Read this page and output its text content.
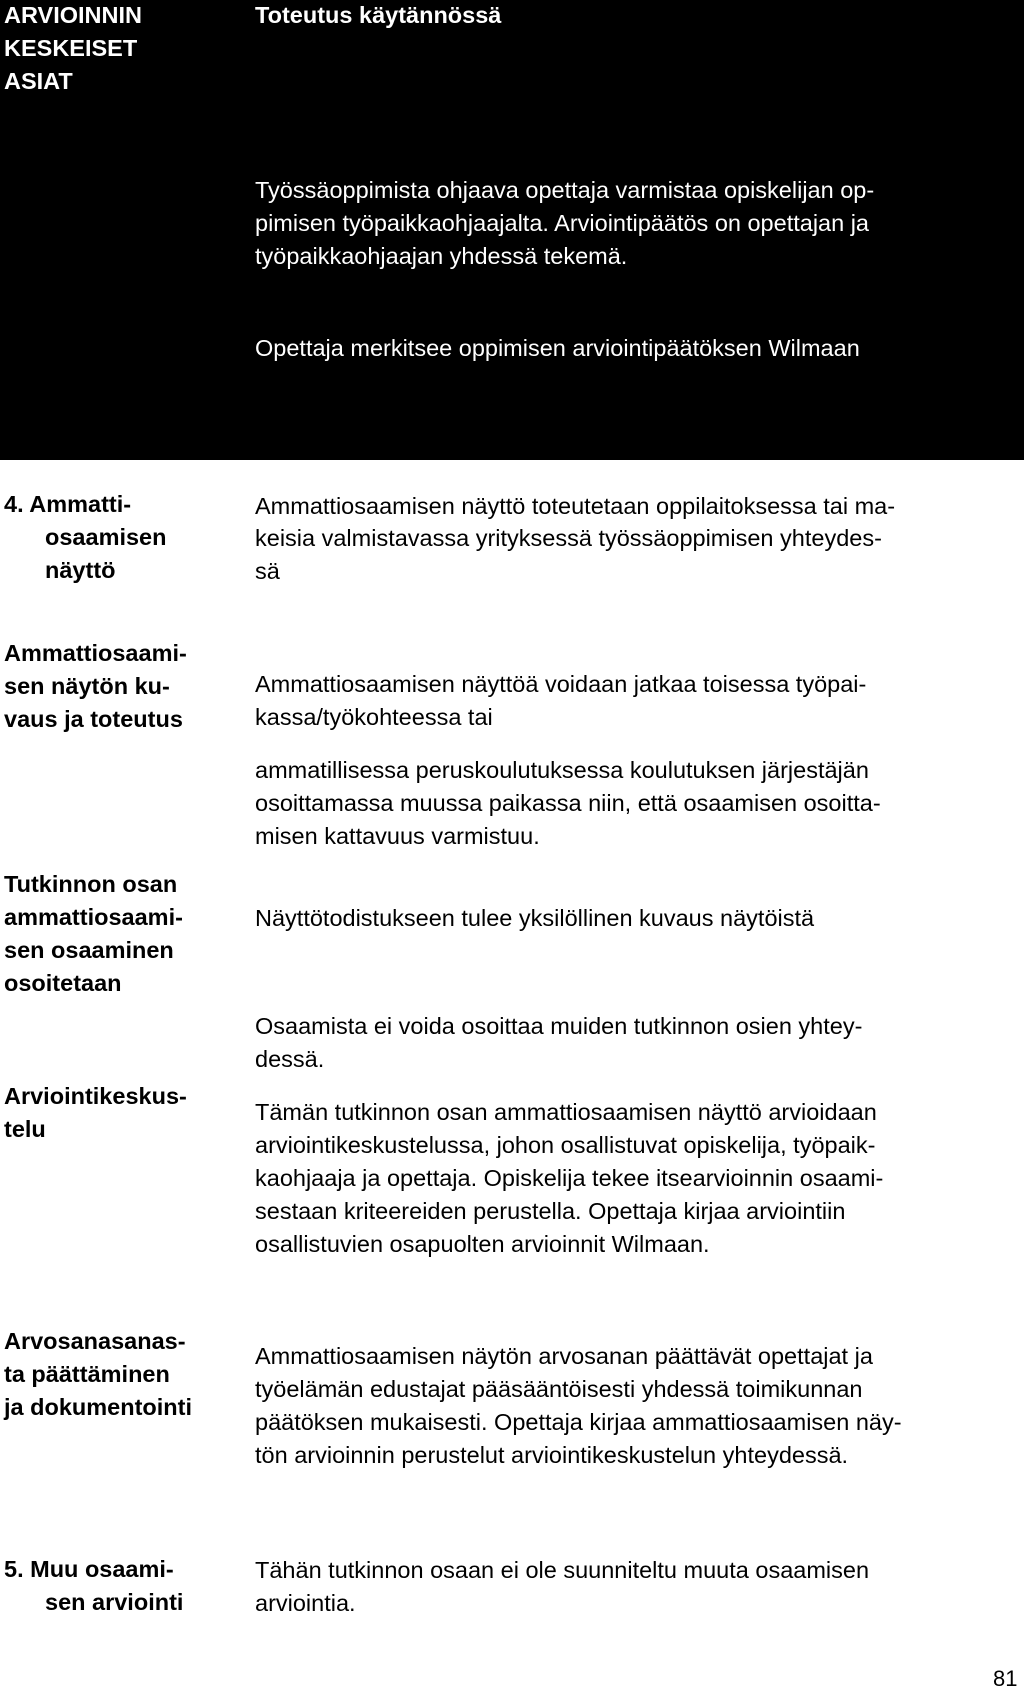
ARVIOINNIN
KESKEISET
ASIAT
Toteutus käytännössä
Työssäoppimista ohjaava opettaja varmistaa opiskelijan op-
pimisen työpaikkaohjaajalta. Arviointipäätös on opettajan ja
työpaikkaohjaajan yhdessä tekemä.
Opettaja merkitsee oppimisen arviointipäätöksen Wilmaan
4. Ammatti-
osaamisen
näyttö
Ammattiosaamisen näyttö toteutetaan oppilaitoksessa tai ma-
keisia valmistavassa yrityksessä työssäoppimisen yhteydes-
sä
Ammattiosaami-
sen näytön ku-
vaus ja toteutus
Ammattiosaamisen näyttöä voidaan jatkaa toisessa työpai-
kassa/työkohteessa tai
ammatillisessa peruskoulutuksessa koulutuksen järjestäjän
osoittamassa muussa paikassa niin, että osaamisen osoitta-
misen kattavuus varmistuu.
Tutkinnon osan
ammattiosaami-
sen osaaminen
osoitetaan
Näyttötodistukseen tulee yksilöllinen kuvaus näytöistä
Osaamista ei voida osoittaa muiden tutkinnon osien yhtey-
dessä.
Arviointikeskus-
telu
Tämän tutkinnon osan ammattiosaamisen näyttö arvioidaan
arviointikeskustelussa, johon osallistuvat opiskelija, työpaik-
kaohjaaja ja opettaja. Opiskelija tekee itsearvioinnin osaami-
sestaan kriteereiden perustella. Opettaja kirjaa arviointiin
osallistuvien osapuolten arvioinnit Wilmaan.
Arvosanasanas-
ta päättäminen
ja dokumentointi
Ammattiosaamisen näytön arvosanan päättävät opettajat ja
työelämän edustajat pääsääntöisesti yhdessä toimikunnan
päätöksen mukaisesti. Opettaja kirjaa ammattiosaamisen näy-
tön arvioinnin perustelut arviointikeskustelun yhteydessä.
5. Muu osaami-
sen arviointi
Tähän tutkinnon osaan ei ole suunniteltu muuta osaamisen
arviointia.
81
